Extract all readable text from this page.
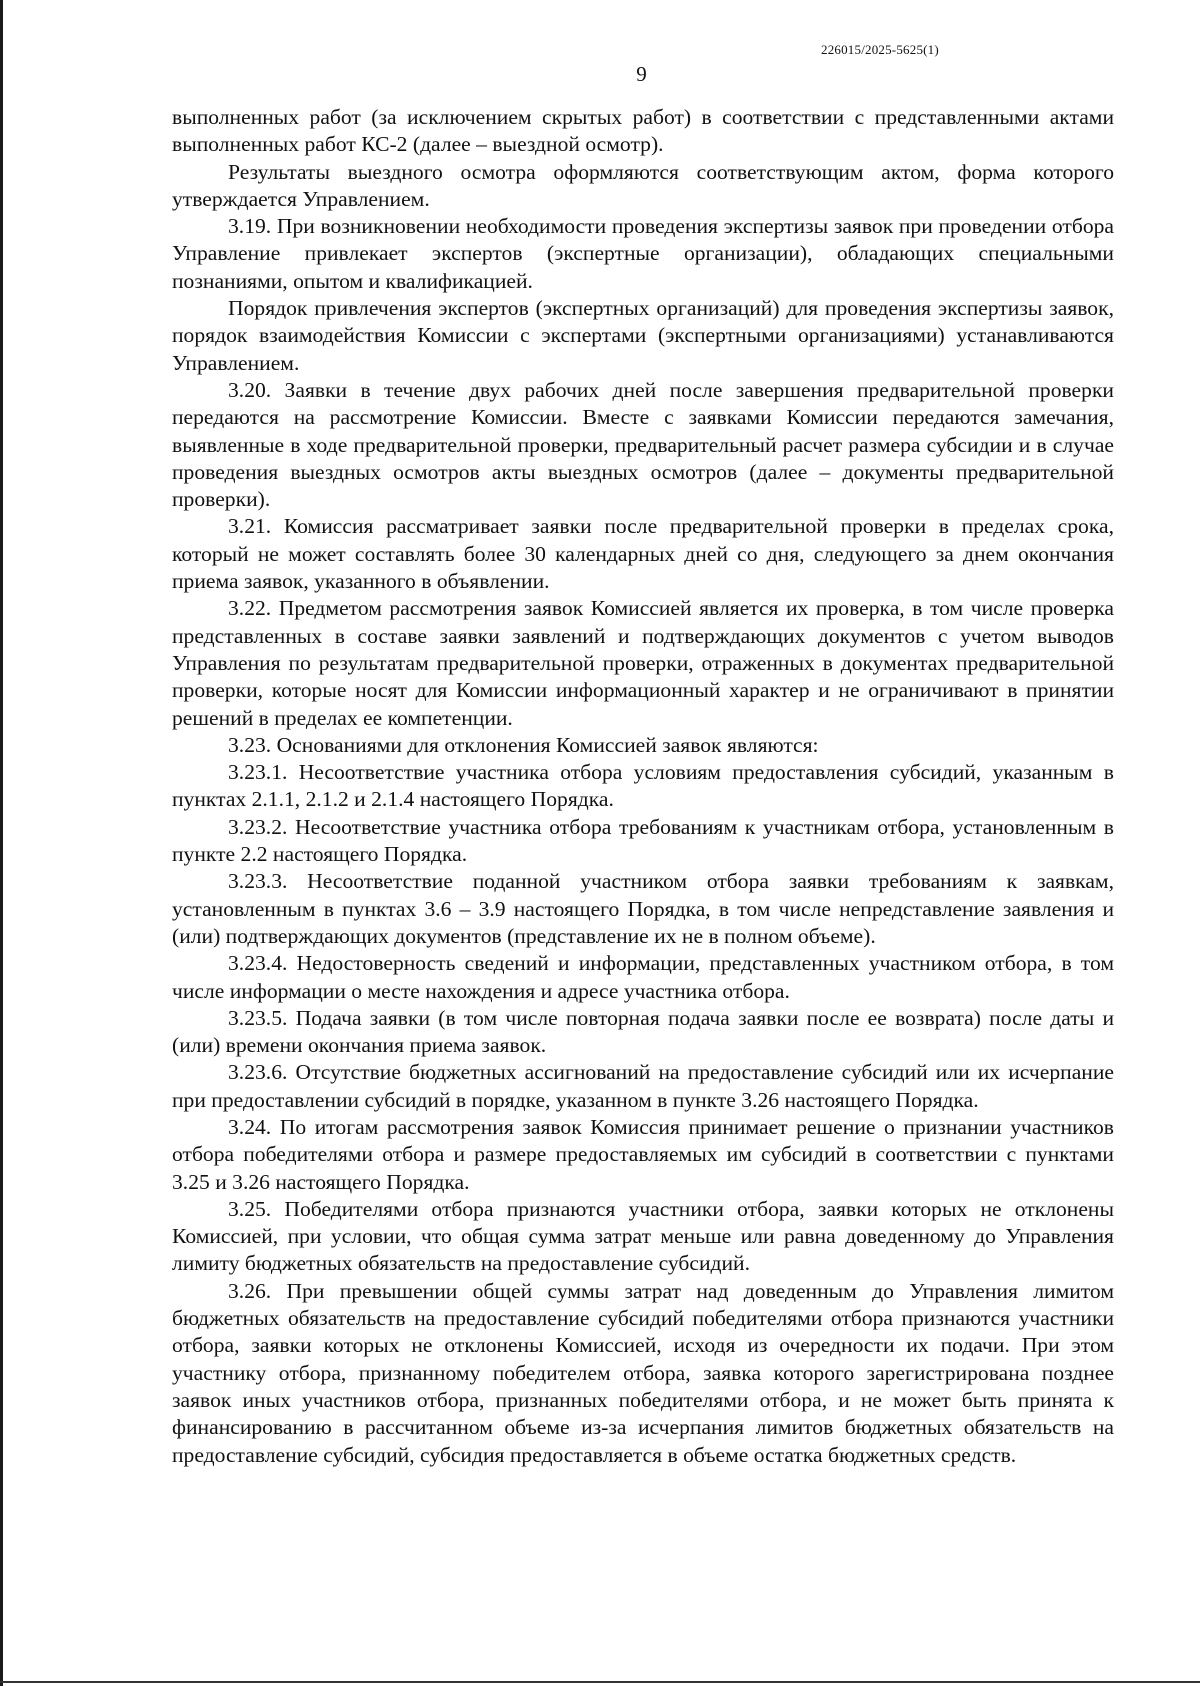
226015/2025-5625(1)
9

выполненных работ (за исключением скрытых работ) в соответствии с представленными актами выполненных работ КС-2 (далее – выездной осмотр).

Результаты выездного осмотра оформляются соответствующим актом, форма которого утверждается Управлением.

3.19. При возникновении необходимости проведения экспертизы заявок при проведении отбора Управление привлекает экспертов (экспертные организации), обладающих специальными познаниями, опытом и квалификацией.

Порядок привлечения экспертов (экспертных организаций) для проведения экспертизы заявок, порядок взаимодействия Комиссии с экспертами (экспертными организациями) устанавливаются Управлением.

3.20. Заявки в течение двух рабочих дней после завершения предварительной проверки передаются на рассмотрение Комиссии. Вместе с заявками Комиссии передаются замечания, выявленные в ходе предварительной проверки, предварительный расчет размера субсидии и в случае проведения выездных осмотров акты выездных осмотров (далее – документы предварительной проверки).

3.21. Комиссия рассматривает заявки после предварительной проверки в пределах срока, который не может составлять более 30 календарных дней со дня, следующего за днем окончания приема заявок, указанного в объявлении.

3.22. Предметом рассмотрения заявок Комиссией является их проверка, в том числе проверка представленных в составе заявки заявлений и подтверждающих документов с учетом выводов Управления по результатам предварительной проверки, отраженных в документах предварительной проверки, которые носят для Комиссии информационный характер и не ограничивают в принятии решений в пределах ее компетенции.

3.23. Основаниями для отклонения Комиссией заявок являются:

3.23.1. Несоответствие участника отбора условиям предоставления субсидий, указанным в пунктах 2.1.1, 2.1.2 и 2.1.4 настоящего Порядка.

3.23.2. Несоответствие участника отбора требованиям к участникам отбора, установленным в пункте 2.2 настоящего Порядка.

3.23.3. Несоответствие поданной участником отбора заявки требованиям к заявкам, установленным в пунктах 3.6 – 3.9 настоящего Порядка, в том числе непредставление заявления и (или) подтверждающих документов (представление их не в полном объеме).

3.23.4. Недостоверность сведений и информации, представленных участником отбора, в том числе информации о месте нахождения и адресе участника отбора.

3.23.5. Подача заявки (в том числе повторная подача заявки после ее возврата) после даты и (или) времени окончания приема заявок.

3.23.6. Отсутствие бюджетных ассигнований на предоставление субсидий или их исчерпание при предоставлении субсидий в порядке, указанном в пункте 3.26 настоящего Порядка.

3.24. По итогам рассмотрения заявок Комиссия принимает решение о признании участников отбора победителями отбора и размере предоставляемых им субсидий в соответствии с пунктами 3.25 и 3.26 настоящего Порядка.

3.25. Победителями отбора признаются участники отбора, заявки которых не отклонены Комиссией, при условии, что общая сумма затрат меньше или равна доведенному до Управления лимиту бюджетных обязательств на предоставление субсидий.

3.26. При превышении общей суммы затрат над доведенным до Управления лимитом бюджетных обязательств на предоставление субсидий победителями отбора признаются участники отбора, заявки которых не отклонены Комиссией, исходя из очередности их подачи. При этом участнику отбора, признанному победителем отбора, заявка которого зарегистрирована позднее заявок иных участников отбора, признанных победителями отбора, и не может быть принята к финансированию в рассчитанном объеме из-за исчерпания лимитов бюджетных обязательств на предоставление субсидий, субсидия предоставляется в объеме остатка бюджетных средств.
